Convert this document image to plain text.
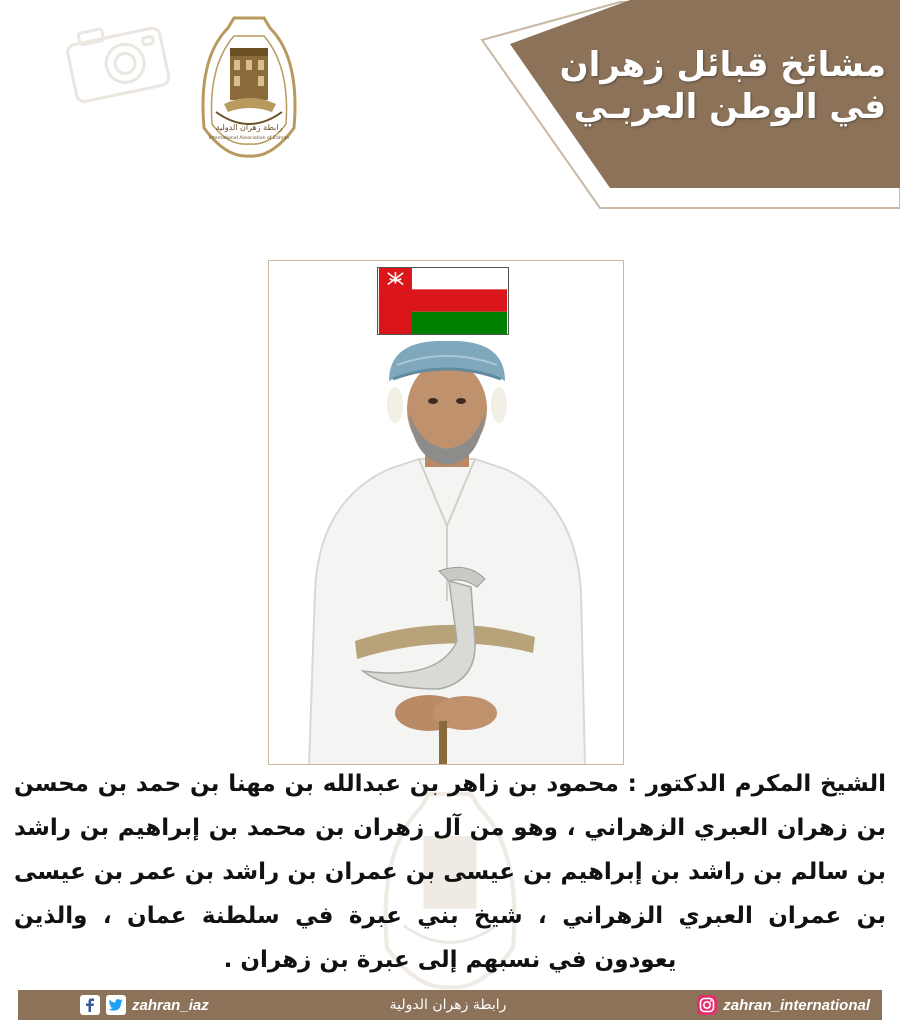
رابطة زهران الدولية
International Association of Zahran
مشائخ قبائل زهران
في الوطن العربـي

الشيخ المكرم الدكتور : محمود بن زاهر بن عبدالله بن مهنا بن حمد بن محسن بن زهران العبري الزهراني ، وهو من آل زهران بن محمد بن إبراهيم بن راشد بن سالم بن راشد بن إبراهيم بن عيسى بن عمران بن راشد بن عمر بن عيسى بن عمران العبري الزهراني ، شيخ بني عبرة في سلطنة عمان ، والذين يعودون في نسبهم إلى عبرة بن زهران .

zahran_iaz	رابطة زهران الدولية	zahran_international
